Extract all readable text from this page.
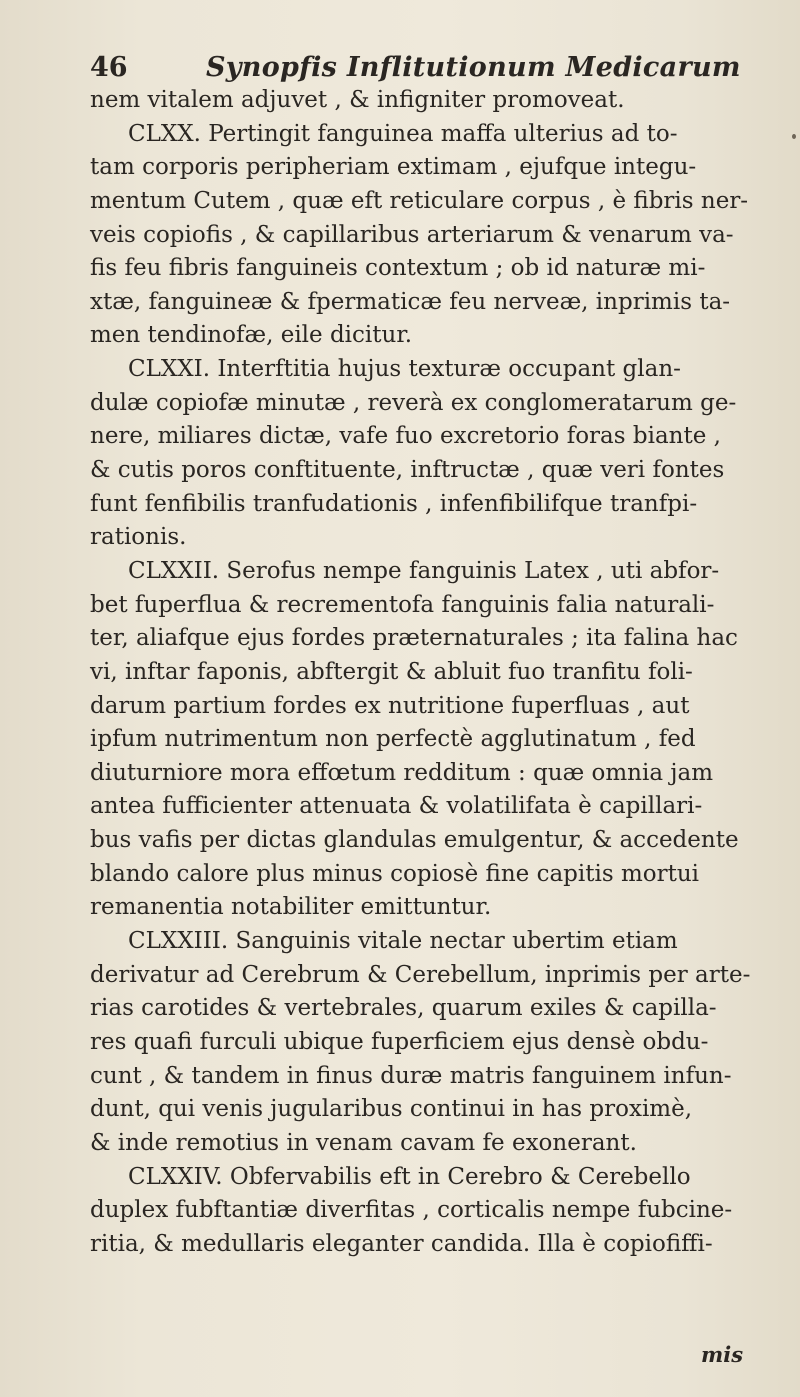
46	Synopfis Inflitutionum Medicarum
nem vitalem adjuvet , & infigniter promoveat.
CLXX. Pertingit fanguinea maffa ulterius ad to-
tam corporis peripheriam extimam , ejufque integu-
mentum Cutem , quæ eft reticulare corpus , è fibris ner-
veis copiofis , & capillaribus arteriarum & venarum va-
fis feu fibris fanguineis contextum ; ob id naturæ mi-
xtæ, fanguineæ & fpermaticæ feu nerveæ, inprimis ta-
men tendinofæ, eile dicitur.
CLXXI. Interftitia hujus texturæ occupant glan-
dulæ copiofæ minutæ , reverà ex conglomeratarum ge-
nere, miliares dictæ, vafe fuo excretorio foras biante ,
& cutis poros conftituente, inftructæ , quæ veri fontes
funt fenfibilis tranfudationis , infenfibilifque tranfpi-
rationis.
CLXXII. Serofus nempe fanguinis Latex , uti abfor-
bet fuperflua & recrementofa fanguinis falia naturali-
ter, aliafque ejus fordes præternaturales ; ita falina hac
vi, inftar faponis, abftergit & abluit fuo tranfitu foli-
darum partium fordes ex nutritione fuperfluas , aut
ipfum nutrimentum non perfectè agglutinatum , fed
diuturniore mora effœtum redditum : quæ omnia jam
antea fufficienter attenuata & volatilifata è capillari-
bus vafis per dictas glandulas emulgentur, & accedente
blando calore plus minus copiosè fine capitis mortui
remanentia notabiliter emittuntur.
CLXXIII. Sanguinis vitale nectar ubertim etiam
derivatur ad Cerebrum & Cerebellum, inprimis per arte-
rias carotides & vertebrales, quarum exiles & capilla-
res quafi furculi ubique fuperficiem ejus densè obdu-
cunt , & tandem in finus duræ matris fanguinem infun-
dunt, qui venis jugularibus continui in has proximè,
& inde remotius in venam cavam fe exonerant.
CLXXIV. Obfervabilis eft in Cerebro & Cerebello
duplex fubftantiæ diverfitas , corticalis nempe fubcine-
ritia, & medullaris eleganter candida. Illa è copiofiffi-
mis
